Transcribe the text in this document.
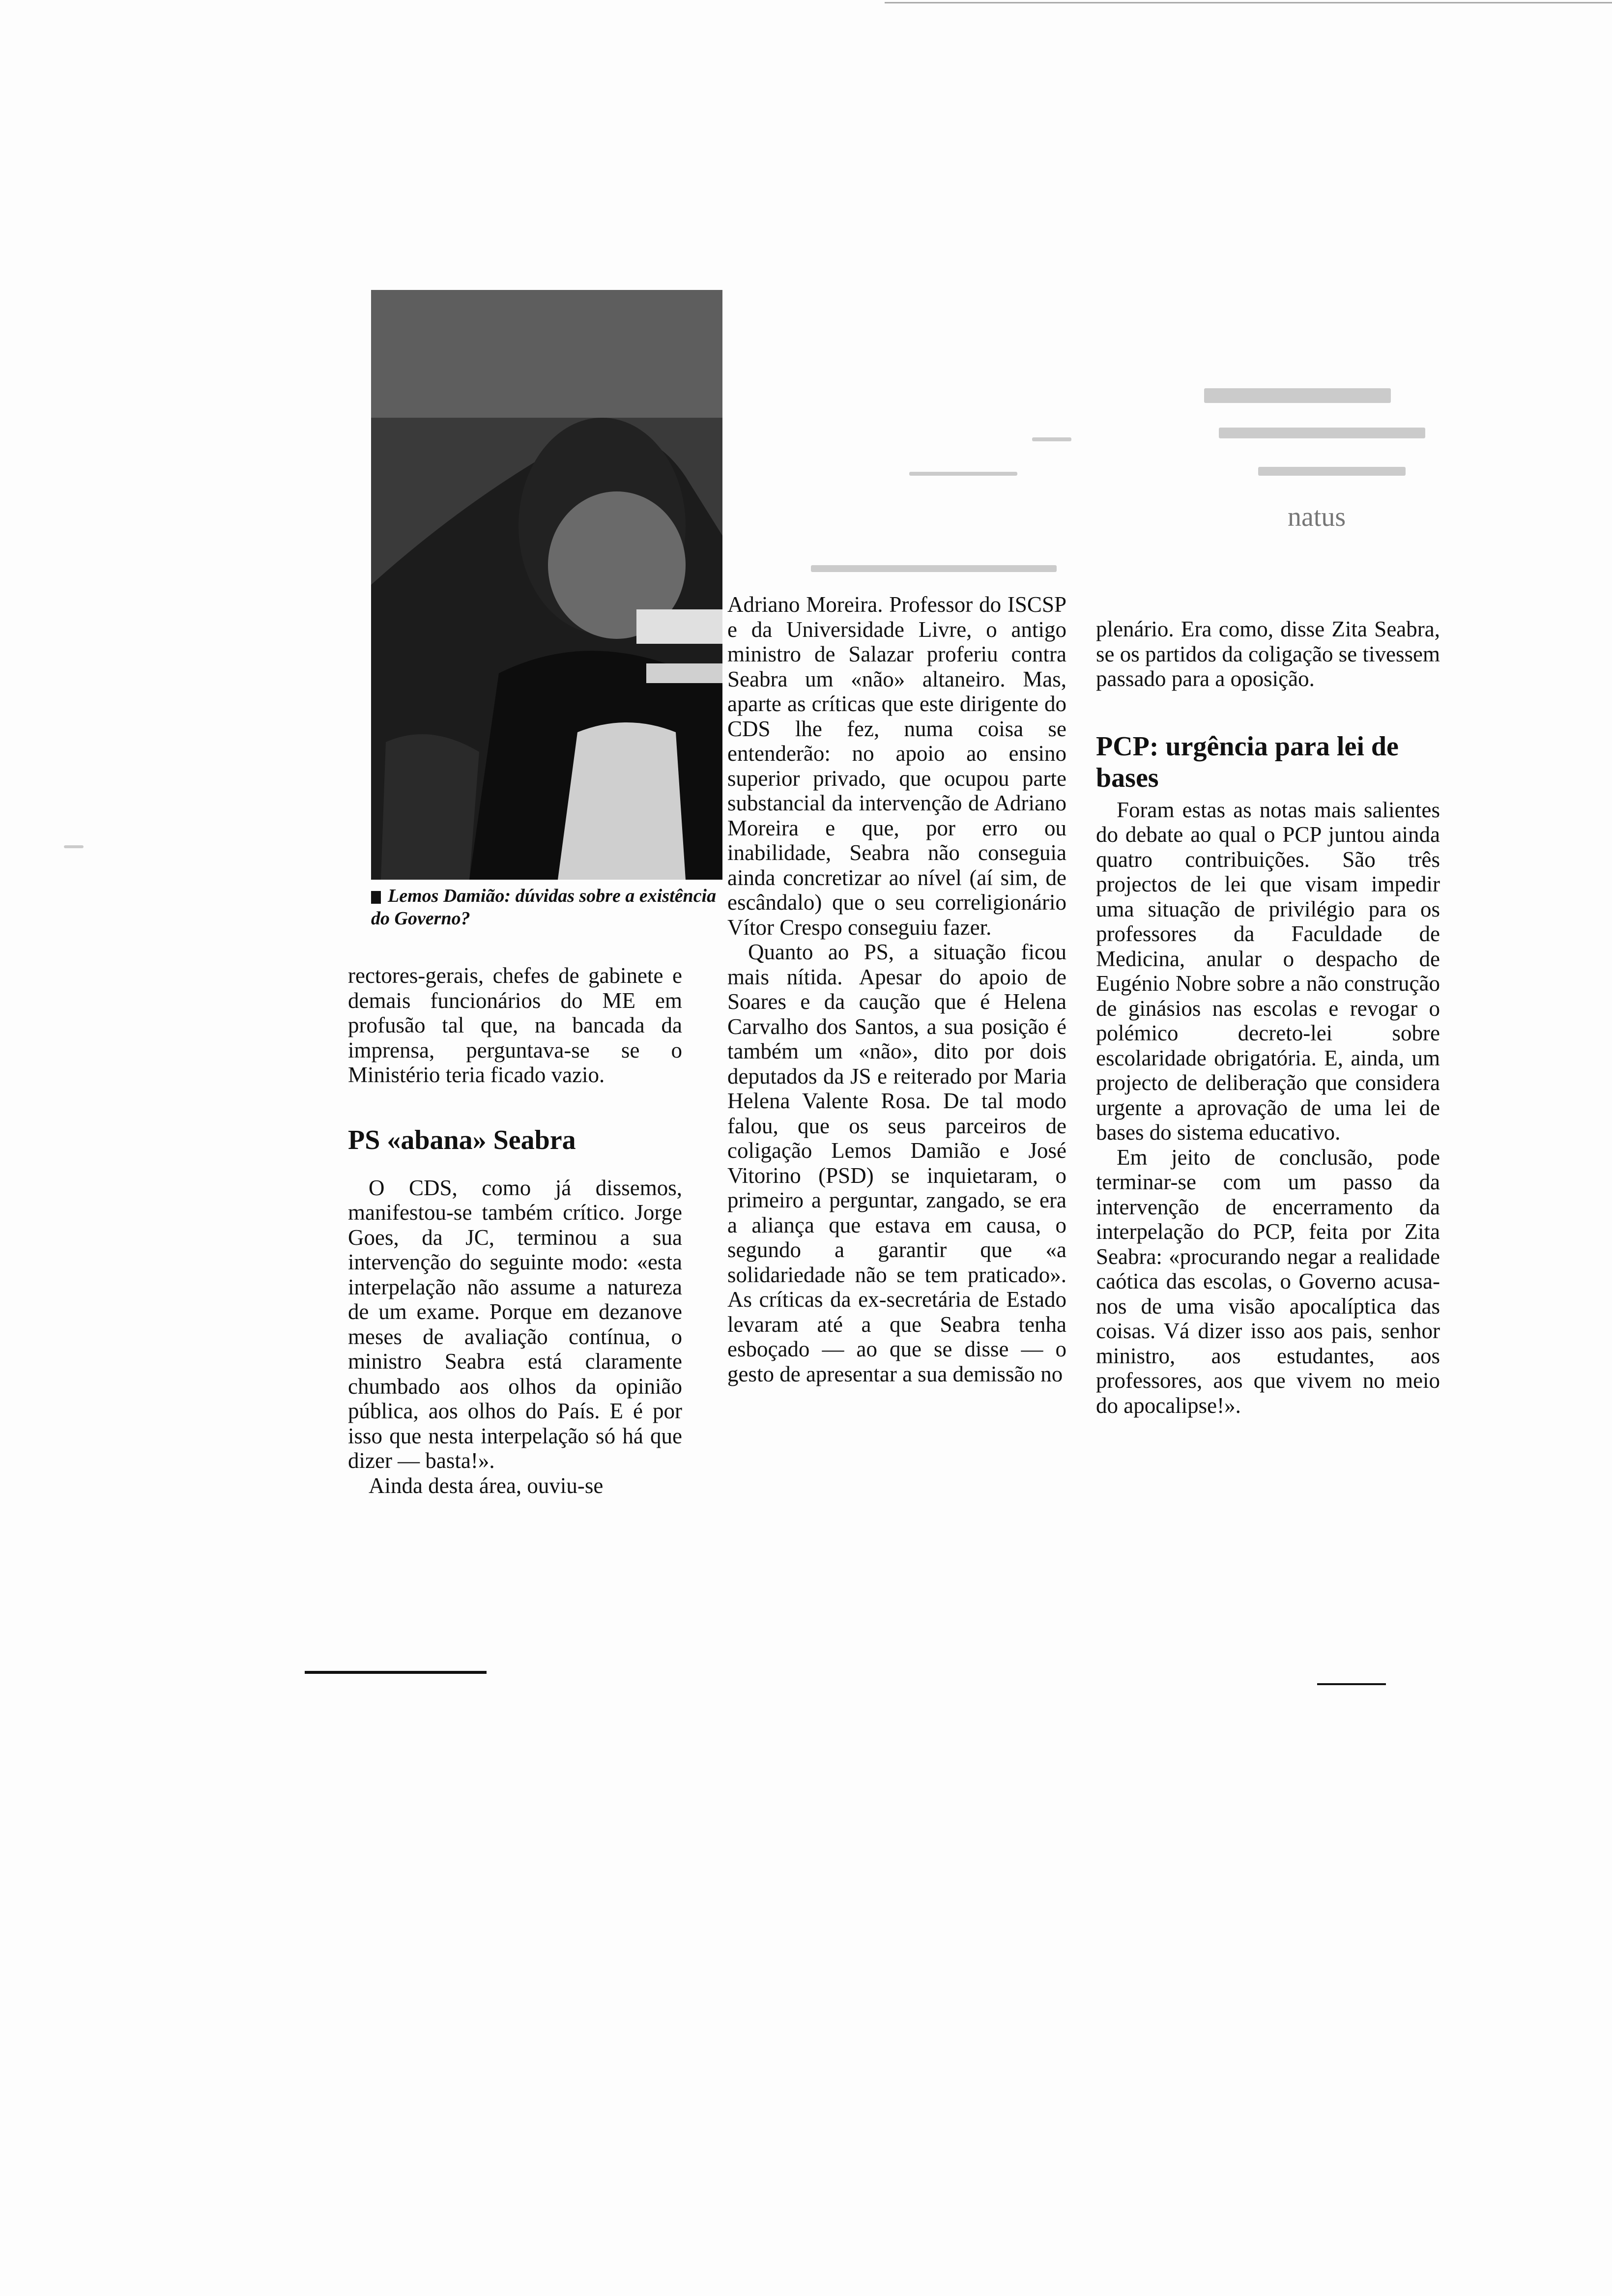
natus
Lemos Damião: dúvidas sobre a existência do Governo?

rectores-gerais, chefes de gabinete e demais funcionários do ME em profusão tal que, na bancada da imprensa, perguntava-se se o Ministério teria ficado vazio.

PS «abana» Seabra

O CDS, como já dissemos, manifestou-se também crítico. Jorge Goes, da JC, terminou a sua intervenção do seguinte modo: «esta interpelação não assume a natureza de um exame. Porque em dezanove meses de avaliação contínua, o ministro Seabra está claramente chumbado aos olhos da opinião pública, aos olhos do País. E é por isso que nesta interpelação só há que dizer — basta!».

Ainda desta área, ouviu-se

Adriano Moreira. Professor do ISCSP e da Universidade Livre, o antigo ministro de Salazar proferiu contra Seabra um «não» altaneiro. Mas, aparte as críticas que este dirigente do CDS lhe fez, numa coisa se entenderão: no apoio ao ensino superior privado, que ocupou parte substancial da intervenção de Adriano Moreira e que, por erro ou inabilidade, Seabra não conseguia ainda concretizar ao nível (aí sim, de escândalo) que o seu correligionário Vítor Crespo conseguiu fazer.

Quanto ao PS, a situação ficou mais nítida. Apesar do apoio de Soares e da caução que é Helena Carvalho dos Santos, a sua posição é também um «não», dito por dois deputados da JS e reiterado por Maria Helena Valente Rosa. De tal modo falou, que os seus parceiros de coligação Lemos Damião e José Vitorino (PSD) se inquietaram, o primeiro a perguntar, zangado, se era a aliança que estava em causa, o segundo a garantir que «a solidariedade não se tem praticado». As críticas da ex-secretária de Estado levaram até a que Seabra tenha esboçado — ao que se disse — o gesto de apresentar a sua demissão no

plenário. Era como, disse Zita Seabra, se os partidos da coligação se tivessem passado para a oposição.

PCP: urgência para lei de bases

Foram estas as notas mais salientes do debate ao qual o PCP juntou ainda quatro contribuições. São três projectos de lei que visam impedir uma situação de privilégio para os professores da Faculdade de Medicina, anular o despacho de Eugénio Nobre sobre a não construção de ginásios nas escolas e revogar o polémico decreto-lei sobre escolaridade obrigatória. E, ainda, um projecto de deliberação que considera urgente a aprovação de uma lei de bases do sistema educativo.

Em jeito de conclusão, pode terminar-se com um passo da intervenção de encerramento da interpelação do PCP, feita por Zita Seabra: «procurando negar a realidade caótica das escolas, o Governo acusa-nos de uma visão apocalíptica das coisas. Vá dizer isso aos pais, senhor ministro, aos estudantes, aos professores, aos que vivem no meio do apocalipse!».
